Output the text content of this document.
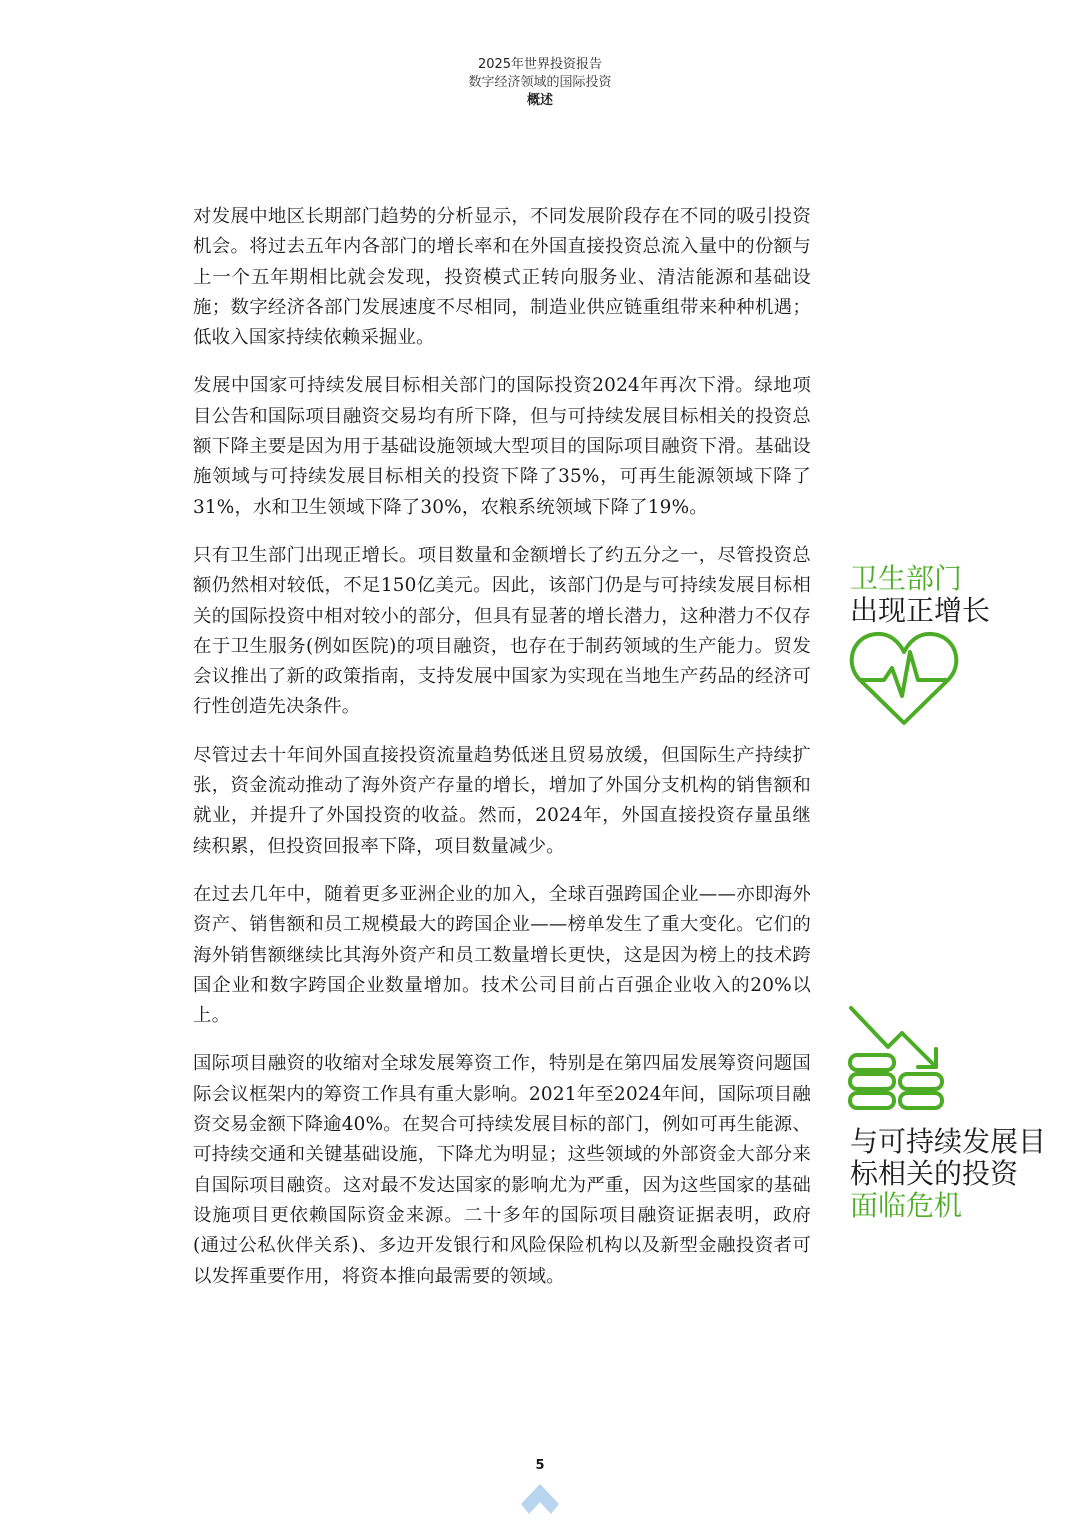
2025年世界投资报告
数字经济领域的国际投资
概述

对发展中地区长期部门趋势的分析显示，不同发展阶段存在不同的吸引投资机会。将过去五年内各部门的增长率和在外国直接投资总流入量中的份额与上一个五年期相比就会发现，投资模式正转向服务业、清洁能源和基础设施；数字经济各部门发展速度不尽相同，制造业供应链重组带来种种机遇；低收入国家持续依赖采掘业。

发展中国家可持续发展目标相关部门的国际投资2024年再次下滑。绿地项目公告和国际项目融资交易均有所下降，但与可持续发展目标相关的投资总额下降主要是因为用于基础设施领域大型项目的国际项目融资下滑。基础设施领域与可持续发展目标相关的投资下降了35%，可再生能源领域下降了31%，水和卫生领域下降了30%，农粮系统领域下降了19%。

只有卫生部门出现正增长。项目数量和金额增长了约五分之一，尽管投资总额仍然相对较低，不足150亿美元。因此，该部门仍是与可持续发展目标相关的国际投资中相对较小的部分，但具有显著的增长潜力，这种潜力不仅存在于卫生服务(例如医院)的项目融资，也存在于制药领域的生产能力。贸发会议推出了新的政策指南，支持发展中国家为实现在当地生产药品的经济可行性创造先决条件。

尽管过去十年间外国直接投资流量趋势低迷且贸易放缓，但国际生产持续扩张，资金流动推动了海外资产存量的增长，增加了外国分支机构的销售额和就业，并提升了外国投资的收益。然而，2024年，外国直接投资存量虽继续积累，但投资回报率下降，项目数量减少。

在过去几年中，随着更多亚洲企业的加入，全球百强跨国企业——亦即海外资产、销售额和员工规模最大的跨国企业——榜单发生了重大变化。它们的海外销售额继续比其海外资产和员工数量增长更快，这是因为榜上的技术跨国企业和数字跨国企业数量增加。技术公司目前占百强企业收入的20%以上。

国际项目融资的收缩对全球发展筹资工作，特别是在第四届发展筹资问题国际会议框架内的筹资工作具有重大影响。2021年至2024年间，国际项目融资交易金额下降逾40%。在契合可持续发展目标的部门，例如可再生能源、可持续交通和关键基础设施，下降尤为明显；这些领域的外部资金大部分来自国际项目融资。这对最不发达国家的影响尤为严重，因为这些国家的基础设施项目更依赖国际资金来源。二十多年的国际项目融资证据表明，政府(通过公私伙伴关系)、多边开发银行和风险保险机构以及新型金融投资者可以发挥重要作用，将资本推向最需要的领域。

卫生部门
出现正增长
与可持续发展目
标相关的投资
面临危机
5
